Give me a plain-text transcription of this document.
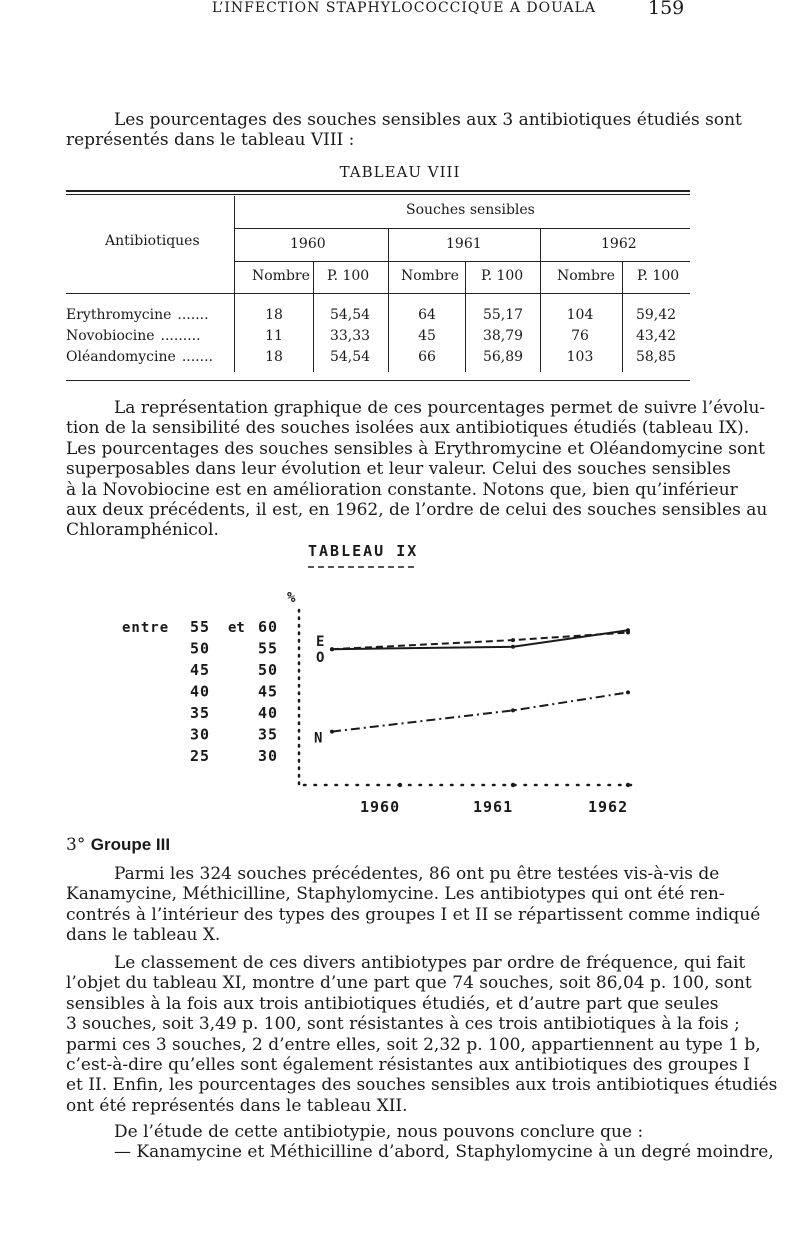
L’INFECTION STAPHYLOCOCCIQUE A DOUALA	159
Les pourcentages des souches sensibles aux 3 antibiotiques étudiés sont
représentés dans le tableau VIII :
TABLEAU VIII
Antibiotiques
Souches sensibles
1960	1961	1962
Nombre P. 100 Nombre P. 100 Nombre P. 100
Erythromycine .......	18	54,54	64	55,17	104	59,42
Novobiocine .........	11	33,33	45	38,79	76	43,42
Oléandomycine .......	18	54,54	66	56,89	103	58,85
La représentation graphique de ces pourcentages permet de suivre l’évolu-
tion de la sensibilité des souches isolées aux antibiotiques étudiés (tableau IX).
Les pourcentages des souches sensibles à Erythromycine et Oléandomycine sont
superposables dans leur évolution et leur valeur. Celui des souches sensibles
à la Novobiocine est en amélioration constante. Notons que, bien qu’inférieur
aux deux précédents, il est, en 1962, de l’ordre de celui des souches sensibles au
Chloramphénicol.
TABLEAU IX
%
entre 55 et 60
50	55
45	50
40	45
35	40
30	35
25	30
1960	1961	1962
E
O
N
3° Groupe III
Parmi les 324 souches précédentes, 86 ont pu être testées vis-à-vis de
Kanamycine, Méthicilline, Staphylomycine. Les antibiotypes qui ont été ren-
contrés à l’intérieur des types des groupes I et II se répartissent comme indiqué
dans le tableau X.
Le classement de ces divers antibiotypes par ordre de fréquence, qui fait
l’objet du tableau XI, montre d’une part que 74 souches, soit 86,04 p. 100, sont
sensibles à la fois aux trois antibiotiques étudiés, et d’autre part que seules
3 souches, soit 3,49 p. 100, sont résistantes à ces trois antibiotiques à la fois ;
parmi ces 3 souches, 2 d’entre elles, soit 2,32 p. 100, appartiennent au type 1 b,
c’est-à-dire qu’elles sont également résistantes aux antibiotiques des groupes I
et II. Enfin, les pourcentages des souches sensibles aux trois antibiotiques étudiés
ont été représentés dans le tableau XII.
De l’étude de cette antibiotypie, nous pouvons conclure que :
— Kanamycine et Méthicilline d’abord, Staphylomycine à un degré moindre,
